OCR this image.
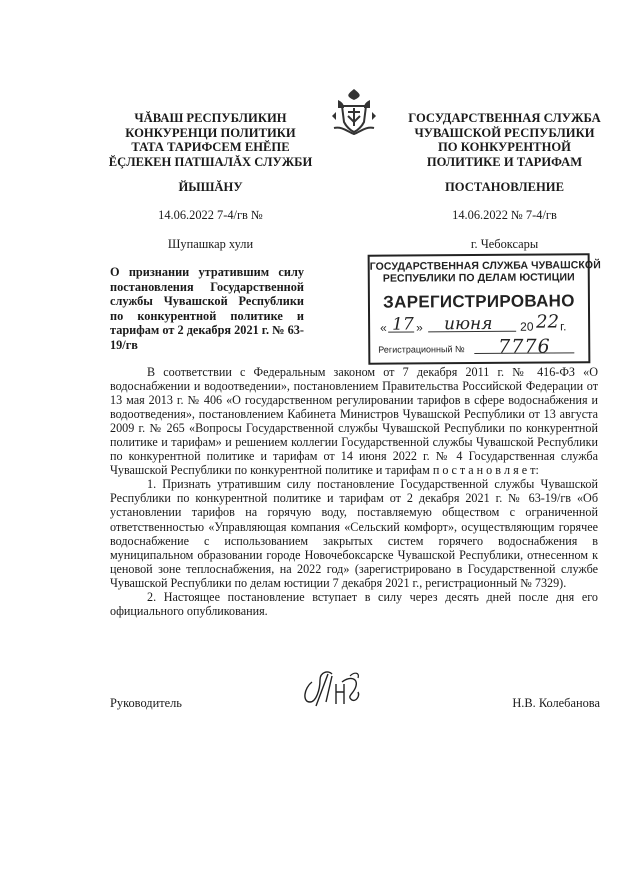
ЧĂВАШ РЕСПУБЛИКИН
КОНКУРЕНЦИ ПОЛИТИКИ
ТАТА ТАРИФСЕМ ЕНĔПЕ
ĔÇЛЕКЕН ПАТШАЛĂХ СЛУЖБИ
ГОСУДАРСТВЕННАЯ СЛУЖБА
ЧУВАШСКОЙ РЕСПУБЛИКИ
ПО КОНКУРЕНТНОЙ
ПОЛИТИКЕ И ТАРИФАМ
ЙЫШĂНУ	ПОСТАНОВЛЕНИЕ
14.06.2022 7-4/гв №	14.06.2022 № 7-4/гв
Шупашкар хули	г. Чебоксары
О признании утратившим силу постановления Государственной службы Чувашской Республики по конкурентной политике и тарифам от 2 декабря 2021 г. № 63-19/гв
ГОСУДАРСТВЕННАЯ СЛУЖБА ЧУВАШСКОЙ
РЕСПУБЛИКИ ПО ДЕЛАМ ЮСТИЦИИ
ЗАРЕГИСТРИРОВАНО
« 17 » июня 20 22 г.
Регистрационный № 7776

В соответствии с Федеральным законом от 7 декабря 2011 г. № 416-ФЗ «О водоснабжении и водоотведении», постановлением Правительства Российской Федерации от 13 мая 2013 г. № 406 «О государственном регулировании тарифов в сфере водоснабжения и водоотведения», постановлением Кабинета Министров Чувашской Республики от 13 августа 2009 г. № 265 «Вопросы Государственной службы Чувашской Республики по конкурентной политике и тарифам» и решением коллегии Государственной службы Чувашской Республики по конкурентной политике и тарифам от 14 июня 2022 г. № 4 Государственная служба Чувашской Республики по конкурентной политике и тарифам п о с т а н о в л я е т:

1. Признать утратившим силу постановление Государственной службы Чувашской Республики по конкурентной политике и тарифам от 2 декабря 2021 г. № 63-19/гв «Об установлении тарифов на горячую воду, поставляемую обществом с ограниченной ответственностью «Управляющая компания «Сельский комфорт», осуществляющим горячее водоснабжение с использованием закрытых систем горячего водоснабжения в муниципальном образовании городе Новочебоксарске Чувашской Республики, отнесенном к ценовой зоне теплоснабжения, на 2022 год» (зарегистрировано в Государственной службе Чувашской Республики по делам юстиции 7 декабря 2021 г., регистрационный № 7329).

2. Настоящее постановление вступает в силу через десять дней после дня его официального опубликования.

Руководитель	Н.В. Колебанова
